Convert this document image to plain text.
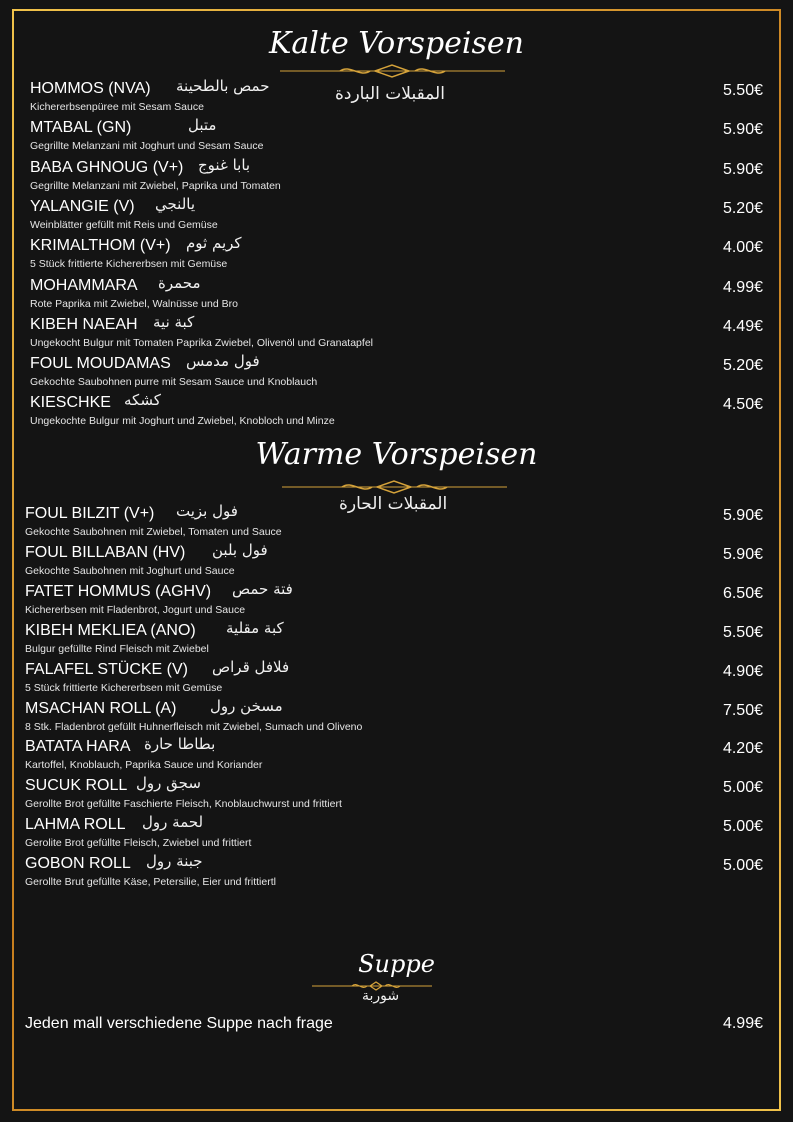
Kalte Vorspeisen
المقبلات الباردة
HOMMOS (NVA) حمص بالطحينة
Kichererbsenpüree mit Sesam Sauce
5.50€
MTABAL (GN)	متبل
Gegrillte Melanzani mit Joghurt und Sesam Sauce
5.90€
BABA GHNOUG (V+) بابا غنوج
Gegrillte Melanzani mit Zwiebel, Paprika und Tomaten
5.90€
YALANGIE (V) يالنجي
Weinblätter gefüllt mit Reis und Gemüse
5.20€
KRIMALTHOM (V+) كريم ثوم
5 Stück frittierte Kichererbsen mit Gemüse
4.00€
MOHAMMARA محمرة
Rote Paprika mit Zwiebel, Walnüsse und Bro
4.99€
KIBEH NAEAH كبة نية
Ungekocht Bulgur mit Tomaten Paprika Zwiebel, Olivenöl und Granatapfel
4.49€
FOUL MOUDAMAS فول مدمس
Gekochte Saubohnen purre mit Sesam Sauce und Knoblauch
5.20€
KIESCHKE كشكه
Ungekochte Bulgur mit Joghurt und Zwiebel, Knobloch und Minze
4.50€
Warme Vorspeisen
المقبلات الحارة
FOUL BILZIT (V+) فول بزيت
Gekochte Saubohnen mit Zwiebel, Tomaten und Sauce
5.90€
FOUL BILLABAN (HV) فول بلبن
Gekochte Saubohnen mit Joghurt und Sauce
5.90€
FATET HOMMUS (AGHV) فتة حمص
Kichererbsen mit Fladenbrot, Jogurt und Sauce
6.50€
KIBEH MEKLIEA (ANO) كبة مقلية
Bulgur gefüllte Rind Fleisch mit Zwiebel
5.50€
FALAFEL STÜCKE (V) فلافل قراص
5 Stück frittierte Kichererbsen mit Gemüse
4.90€
MSACHAN ROLL (A) مسخن رول
8 Stk. Fladenbrot gefüllt Huhnerfleisch mit Zwiebel, Sumach und Oliveno
7.50€
BATATA HARA بطاطا حارة
Kartoffel, Knoblauch, Paprika Sauce und Koriander
4.20€
SUCUK ROLL سجق رول
Gerollte Brot gefüllte Faschierte Fleisch, Knoblauchwurst und frittiert
5.00€
LAHMA ROLL لحمة رول
Gerolite Brot gefüllte Fleisch, Zwiebel und frittiert
5.00€
GOBON ROLL جبنة رول
Gerollte Brut gefüllte Käse, Petersilie, Eier und frittiertl
5.00€
Suppe
شوربة
Jeden mall verschiedene Suppe nach frage	4.99€
